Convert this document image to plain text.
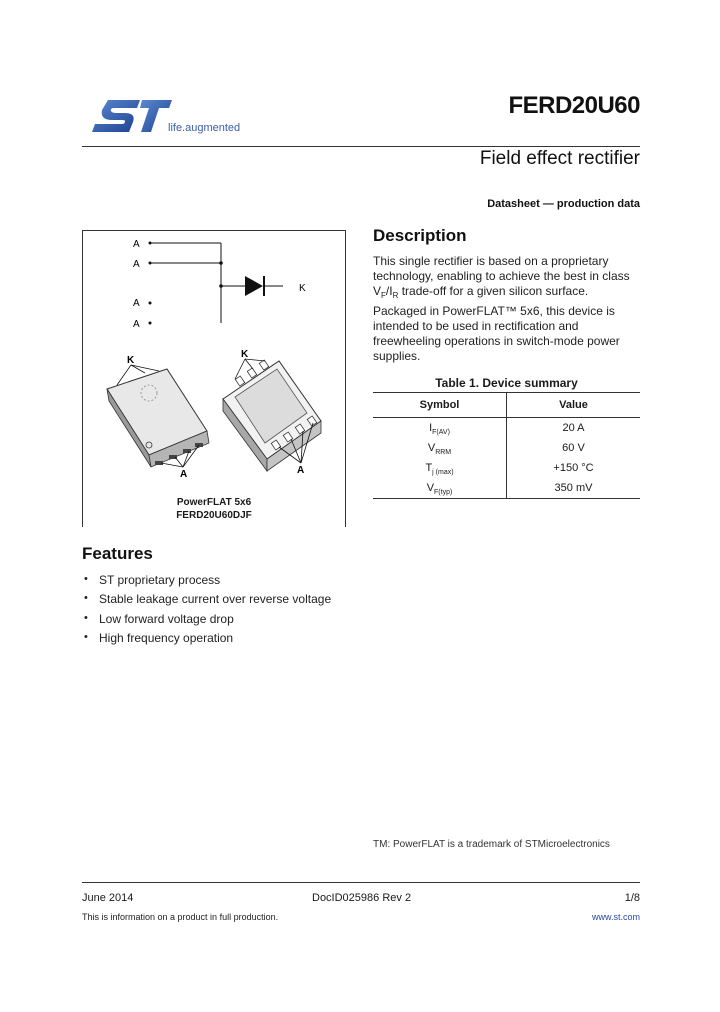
life.augmented
FERD20U60
Field effect rectifier
Datasheet — production data
A
A
A
A
K
K
A
K
A
PowerFLAT 5x6
FERD20U60DJF
Description
This single rectifier is based on a proprietary technology, enabling to achieve the best in class $V_F/I_R$ trade-off for a given silicon surface.
Packaged in PowerFLAT™ 5x6, this device is intended to be used in rectification and freewheeling operations in switch-mode power supplies.
Table 1. Device summary
Symbol	Value
$I_{F(AV)}$	20 A
$V_{RRM}$	60 V
$T_{j (max)}$	+150 °C
$V_{F(typ)}$	350 mV
Features
• ST proprietary process
• Stable leakage current over reverse voltage
• Low forward voltage drop
• High frequency operation
TM: PowerFLAT is a trademark of STMicroelectronics
June 2014	DocID025986 Rev 2	1/8
This is information on a product in full production.	www.st.com
